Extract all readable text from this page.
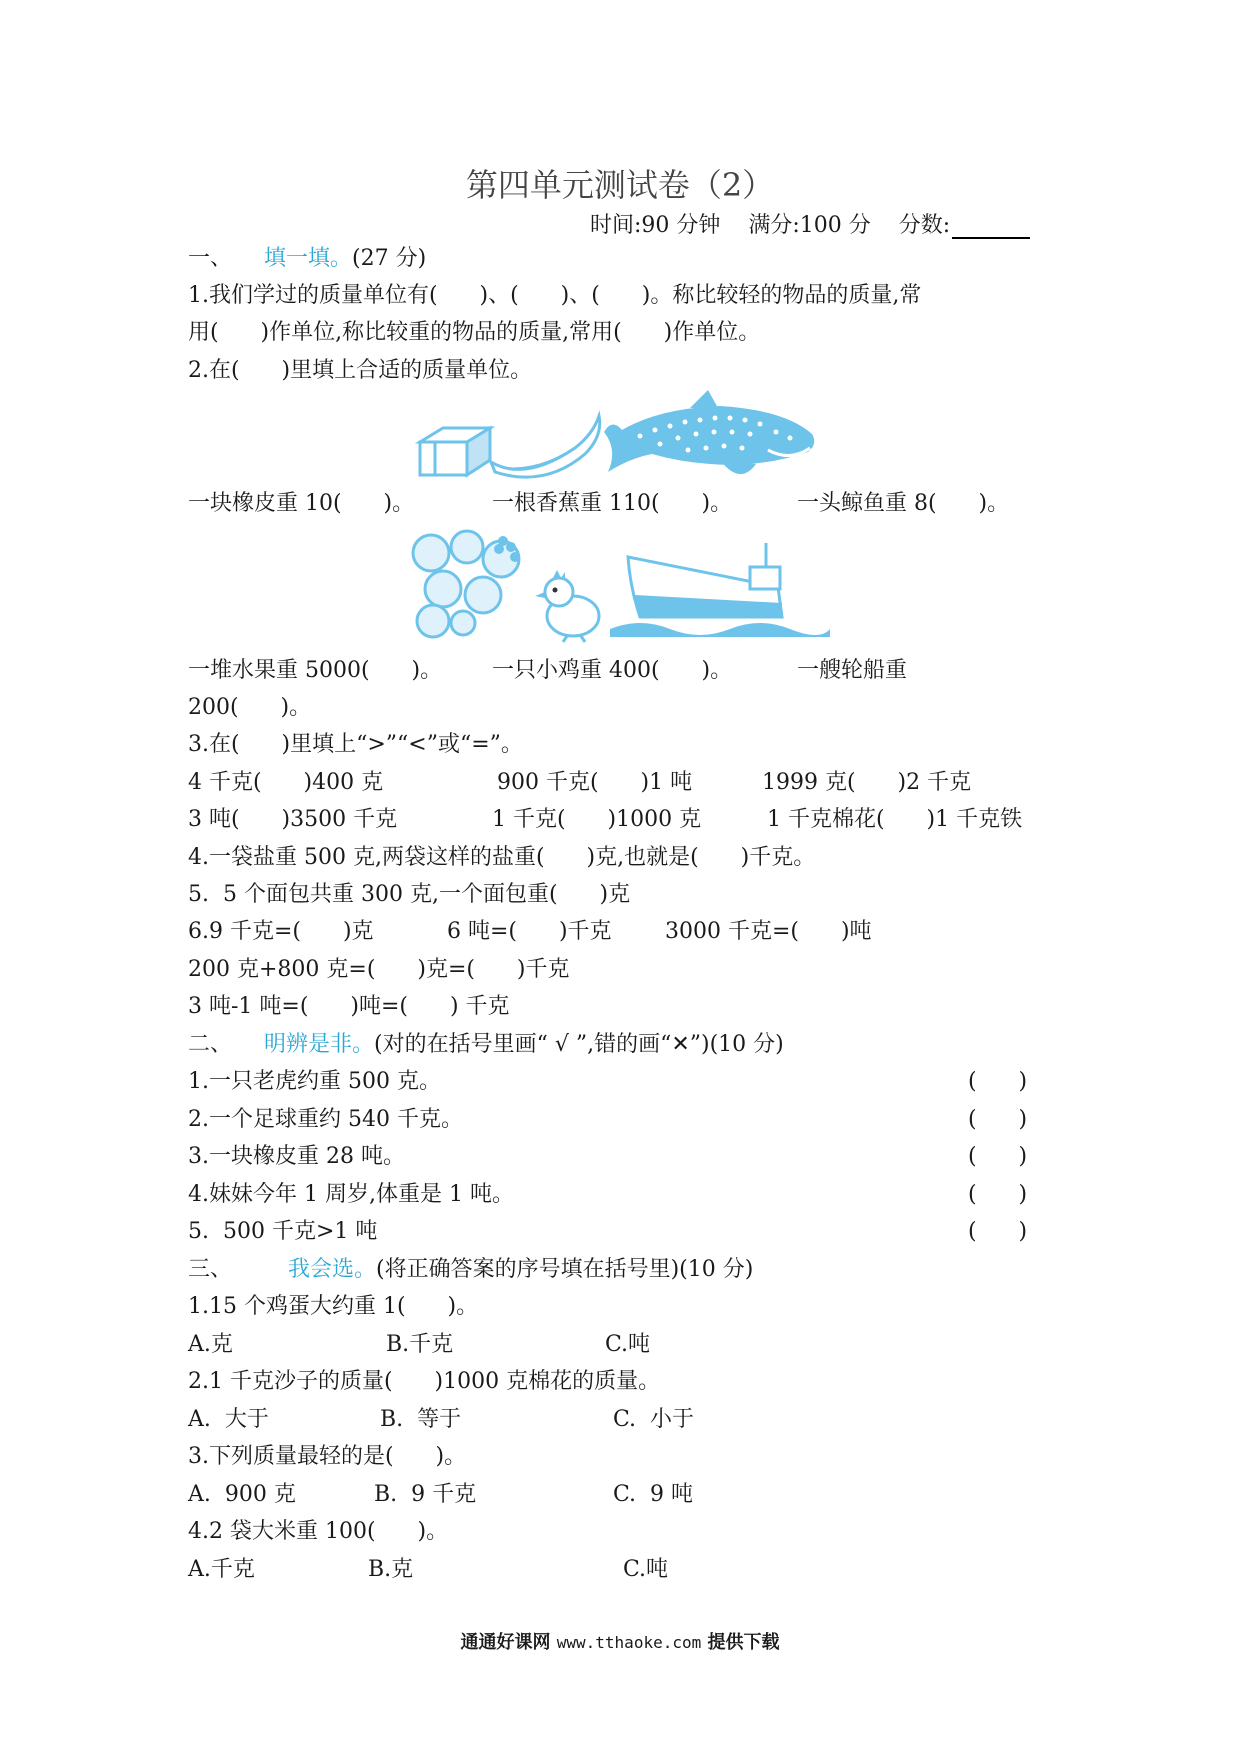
第四单元测试卷（2）
时间:90 分钟    满分:100 分    分数:
一、 填一填。(27 分)
1.我们学过的质量单位有(      )、(      )、(      )。称比较轻的物品的质量,常
用(      )作单位,称比较重的物品的质量,常用(      )作单位。
2.在(      )里填上合适的质量单位。
一块橡皮重 10(      )。	一根香蕉重 110(      )。	一头鲸鱼重 8(      )。
一堆水果重 5000(      )。 一只小鸡重 400(      )。	一艘轮船重
200(      )。
3.在(      )里填上“>”“<”或“=”。
4 千克(      )400 克	900 千克(      )1 吨	1999 克(      )2 千克
3 吨(      )3500 千克	1 千克(      )1000 克	1 千克棉花(      )1 千克铁
4.一袋盐重 500 克,两袋这样的盐重(      )克,也就是(      )千克。
5.  5 个面包共重 300 克,一个面包重(      )克
6.9 千克=(      )克	6 吨=(      )千克 3000 千克=(      )吨
200 克+800 克=(      )克=(      )千克
3 吨-1 吨=(      )吨=(      ) 千克
二、 明辨是非。(对的在括号里画“ √ ”,错的画“✕”)(10 分)
1.一只老虎约重 500 克。	(      )
2.一个足球重约 540 千克。	(      )
3.一块橡皮重 28 吨。	(      )
4.妹妹今年 1 周岁,体重是 1 吨。	(      )
5.  500 千克>1 吨	(      )
三、	我会选。(将正确答案的序号填在括号里)(10 分)
1.15 个鸡蛋大约重 1(      )。
A.克	B.千克	C.吨
2.1 千克沙子的质量(      )1000 克棉花的质量。
A.  大于	B.  等于	C.  小于
3.下列质量最轻的是(      )。
A.  900 克	B.  9 千克	C.  9 吨
4.2 袋大米重 100(      )。
A.千克	B.克	C.吨
通通好课网 www.tthaoke.com 提供下载
